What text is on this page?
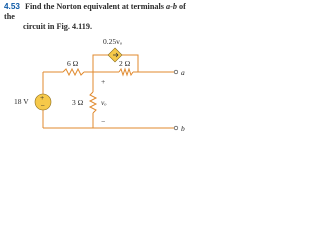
4.53 Find the Norton equivalent at terminals a-b of the
circuit in Fig. 4.119.
0.25vₒ
6 Ω	2 Ω
3 Ω
+
vₒ
−
+
−
18 V
a
b
